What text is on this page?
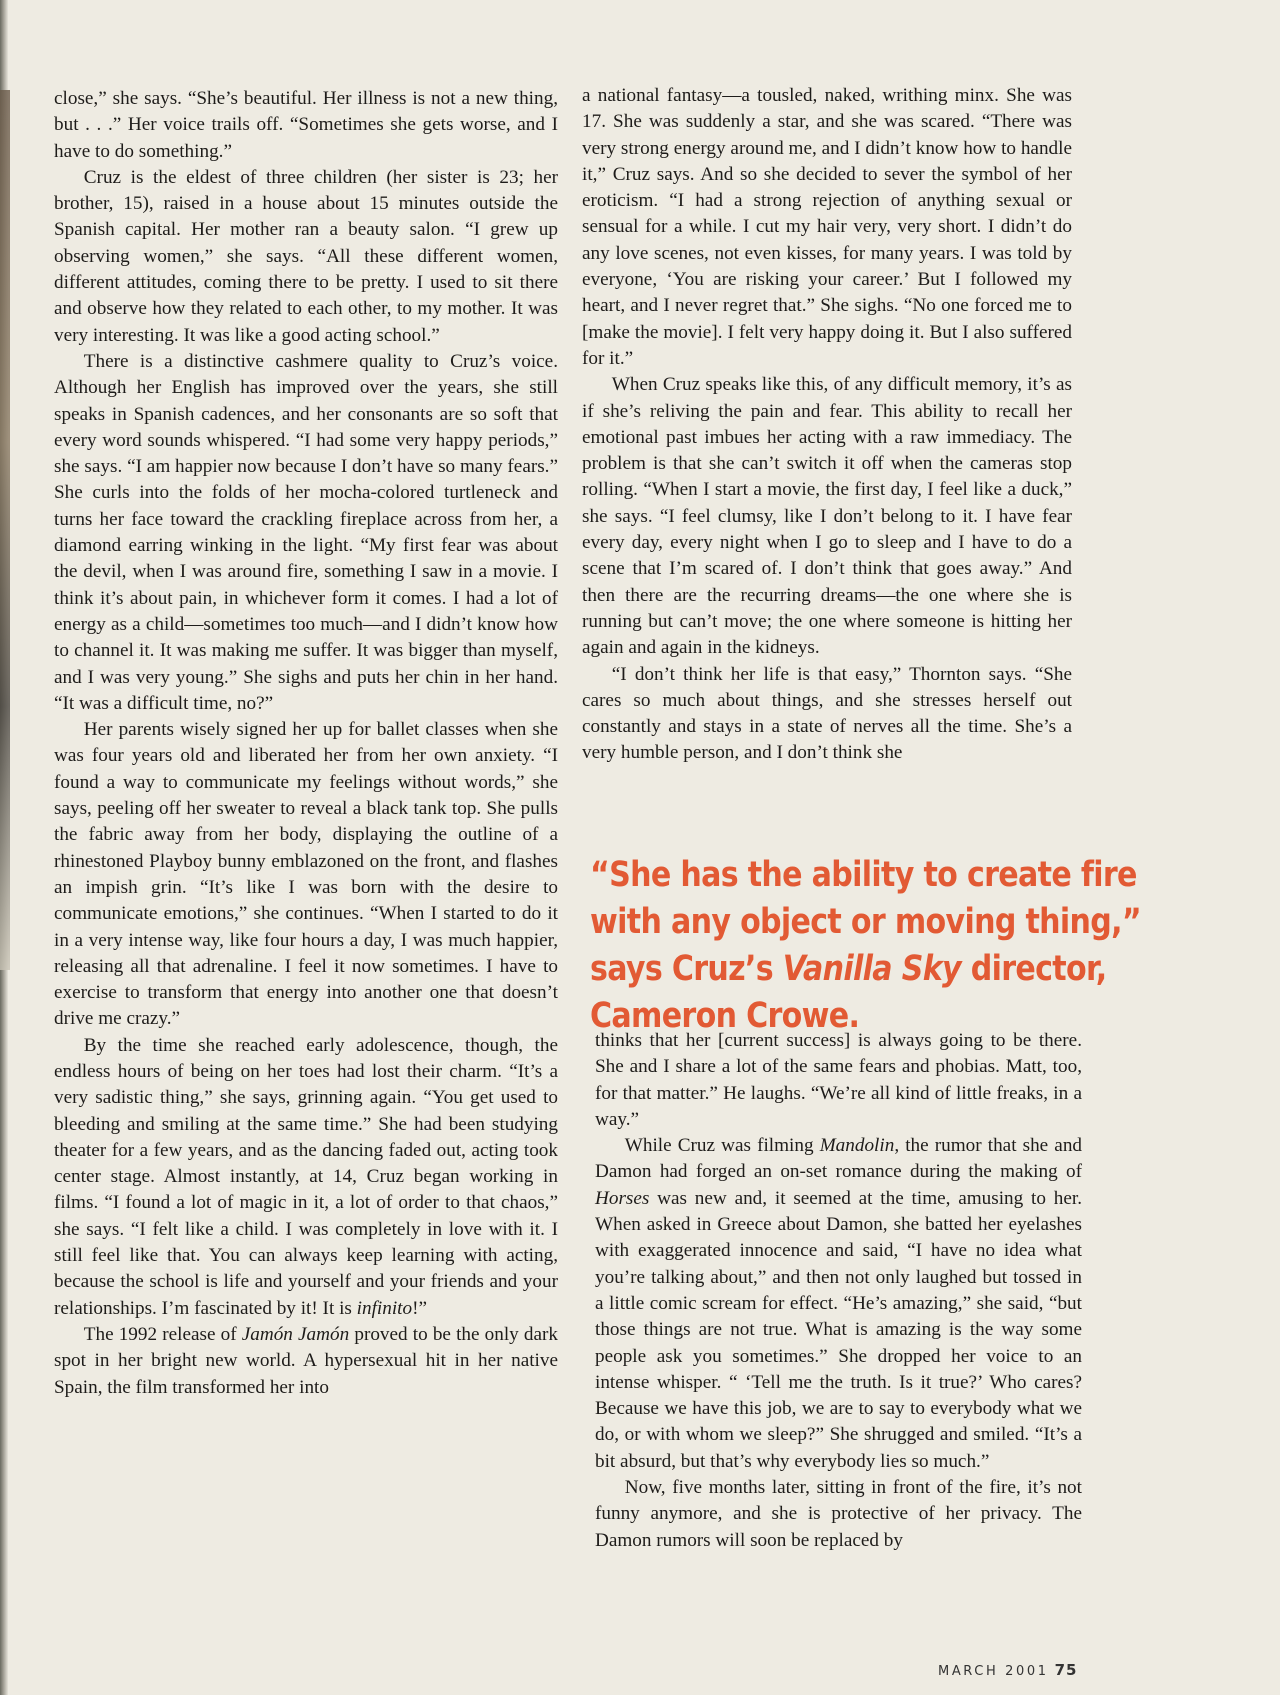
close,” she says. “She’s beautiful. Her illness is not a new thing, but . . .” Her voice trails off. “Sometimes she gets worse, and I have to do something.”

Cruz is the eldest of three children (her sister is 23; her brother, 15), raised in a house about 15 minutes outside the Spanish capital. Her mother ran a beauty salon. “I grew up observing women,” she says. “All these different women, different attitudes, coming there to be pretty. I used to sit there and observe how they related to each other, to my mother. It was very interesting. It was like a good acting school.”

There is a distinctive cashmere quality to Cruz’s voice. Although her English has improved over the years, she still speaks in Spanish cadences, and her consonants are so soft that every word sounds whispered. “I had some very happy periods,” she says. “I am happier now because I don’t have so many fears.” She curls into the folds of her mocha-colored turtleneck and turns her face toward the crackling fireplace across from her, a diamond earring winking in the light. “My first fear was about the devil, when I was around fire, something I saw in a movie. I think it’s about pain, in whichever form it comes. I had a lot of energy as a child—sometimes too much—and I didn’t know how to channel it. It was making me suffer. It was bigger than myself, and I was very young.” She sighs and puts her chin in her hand. “It was a difficult time, no?”

Her parents wisely signed her up for ballet classes when she was four years old and liberated her from her own anxiety. “I found a way to communicate my feelings without words,” she says, peeling off her sweater to reveal a black tank top. She pulls the fabric away from her body, displaying the outline of a rhinestoned Playboy bunny emblazoned on the front, and flashes an impish grin. “It’s like I was born with the desire to communicate emotions,” she continues. “When I started to do it in a very intense way, like four hours a day, I was much happier, releasing all that adrenaline. I feel it now sometimes. I have to exercise to transform that energy into another one that doesn’t drive me crazy.”

By the time she reached early adolescence, though, the endless hours of being on her toes had lost their charm. “It’s a very sadistic thing,” she says, grinning again. “You get used to bleeding and smiling at the same time.” She had been studying theater for a few years, and as the dancing faded out, acting took center stage. Almost instantly, at 14, Cruz began working in films. “I found a lot of magic in it, a lot of order to that chaos,” she says. “I felt like a child. I was completely in love with it. I still feel like that. You can always keep learning with acting, because the school is life and yourself and your friends and your relationships. I’m fascinated by it! It is infinito!”

The 1992 release of Jamón Jamón proved to be the only dark spot in her bright new world. A hypersexual hit in her native Spain, the film transformed her into

a national fantasy—a tousled, naked, writhing minx. She was 17. She was suddenly a star, and she was scared. “There was very strong energy around me, and I didn’t know how to handle it,” Cruz says. And so she decided to sever the symbol of her eroticism. “I had a strong rejection of anything sexual or sensual for a while. I cut my hair very, very short. I didn’t do any love scenes, not even kisses, for many years. I was told by everyone, ‘You are risking your career.’ But I followed my heart, and I never regret that.” She sighs. “No one forced me to [make the movie]. I felt very happy doing it. But I also suffered for it.”

When Cruz speaks like this, of any difficult memory, it’s as if she’s reliving the pain and fear. This ability to recall her emotional past imbues her acting with a raw immediacy. The problem is that she can’t switch it off when the cameras stop rolling. “When I start a movie, the first day, I feel like a duck,” she says. “I feel clumsy, like I don’t belong to it. I have fear every day, every night when I go to sleep and I have to do a scene that I’m scared of. I don’t think that goes away.” And then there are the recurring dreams—the one where she is running but can’t move; the one where someone is hitting her again and again in the kidneys.

“I don’t think her life is that easy,” Thornton says. “She cares so much about things, and she stresses herself out constantly and stays in a state of nerves all the time. She’s a very humble person, and I don’t think she

“She has the ability to create fire with any object or moving thing,” says Cruz’s Vanilla Sky director, Cameron Crowe.

thinks that her [current success] is always going to be there. She and I share a lot of the same fears and phobias. Matt, too, for that matter.” He laughs. “We’re all kind of little freaks, in a way.”

While Cruz was filming Mandolin, the rumor that she and Damon had forged an on-set romance during the making of Horses was new and, it seemed at the time, amusing to her. When asked in Greece about Damon, she batted her eyelashes with exaggerated innocence and said, “I have no idea what you’re talking about,” and then not only laughed but tossed in a little comic scream for effect. “He’s amazing,” she said, “but those things are not true. What is amazing is the way some people ask you sometimes.” She dropped her voice to an intense whisper. “ ‘Tell me the truth. Is it true?’ Who cares? Because we have this job, we are to say to everybody what we do, or with whom we sleep?” She shrugged and smiled. “It’s a bit absurd, but that’s why everybody lies so much.”

Now, five months later, sitting in front of the fire, it’s not funny anymore, and she is protective of her privacy. The Damon rumors will soon be replaced by

MARCH 2001 75
